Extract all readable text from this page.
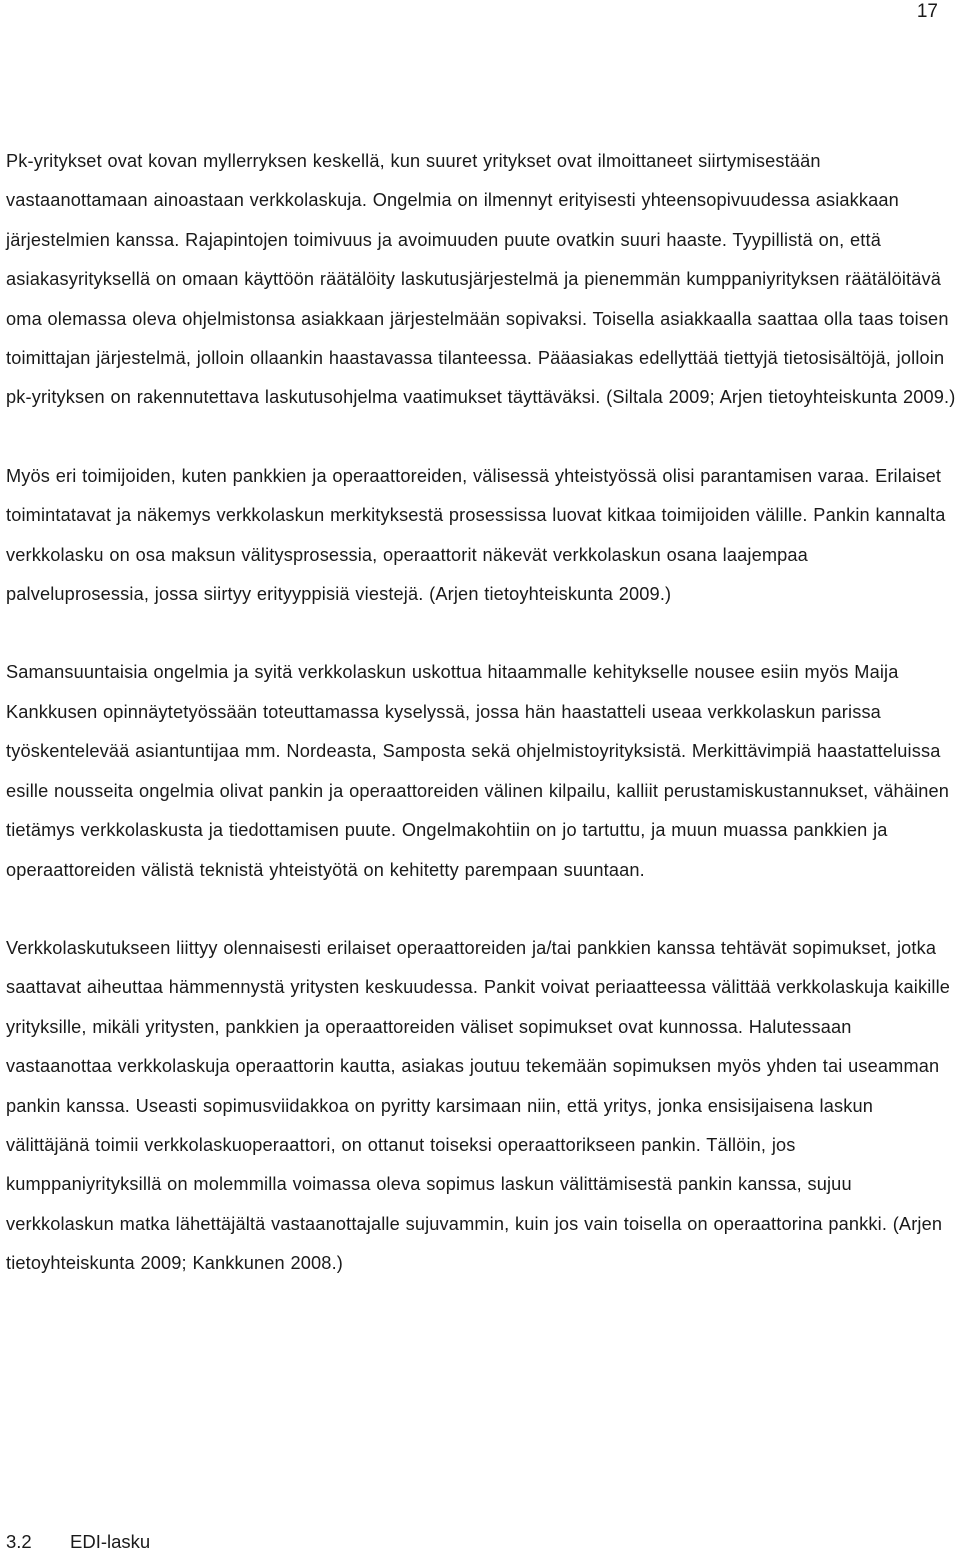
17

Pk-yritykset ovat kovan myllerryksen keskellä, kun suuret yritykset ovat ilmoittaneet siirtymisestään vastaanottamaan ainoastaan verkkolaskuja. Ongelmia on ilmennyt erityisesti yhteensopivuudessa asiakkaan järjestelmien kanssa. Rajapintojen toimivuus ja avoimuuden puute ovatkin suuri haaste. Tyypillistä on, että asiakasyrityksellä on omaan käyttöön räätälöity laskutusjärjestelmä ja pienemmän kumppaniyrityksen räätälöitävä oma olemassa oleva ohjelmistonsa asiakkaan järjestelmään sopivaksi. Toisella asiakkaalla saattaa olla taas toisen toimittajan järjestelmä, jolloin ollaankin haastavassa tilanteessa. Pääasiakas edellyttää tiettyjä tietosisältöjä, jolloin pk-yrityksen on rakennutettava laskutusohjelma vaatimukset täyttäväksi. (Siltala 2009; Arjen tietoyhteiskunta 2009.)

Myös eri toimijoiden, kuten pankkien ja operaattoreiden, välisessä yhteistyössä olisi parantamisen varaa. Erilaiset toimintatavat ja näkemys verkkolaskun merkityksestä prosessissa luovat kitkaa toimijoiden välille. Pankin kannalta verkkolasku on osa maksun välitysprosessia, operaattorit näkevät verkkolaskun osana laajempaa palveluprosessia, jossa siirtyy erityyppisiä viestejä. (Arjen tietoyhteiskunta 2009.)

Samansuuntaisia ongelmia ja syitä verkkolaskun uskottua hitaammalle kehitykselle nousee esiin myös Maija Kankkusen opinnäytetyössään toteuttamassa kyselyssä, jossa hän haastatteli useaa verkkolaskun parissa työskentelevää asiantuntijaa mm. Nordeasta, Samposta sekä ohjelmistoyrityksistä. Merkittävimpiä haastatteluissa esille nousseita ongelmia olivat pankin ja operaattoreiden välinen kilpailu, kalliit perustamiskustannukset, vähäinen tietämys verkkolaskusta ja tiedottamisen puute. Ongelmakohtiin on jo tartuttu, ja muun muassa pankkien ja operaattoreiden välistä teknistä yhteistyötä on kehitetty parempaan suuntaan.

Verkkolaskutukseen liittyy olennaisesti erilaiset operaattoreiden ja/tai pankkien kanssa tehtävät sopimukset, jotka saattavat aiheuttaa hämmennystä yritysten keskuudessa. Pankit voivat periaatteessa välittää verkkolaskuja kaikille yrityksille, mikäli yritysten, pankkien ja operaattoreiden väliset sopimukset ovat kunnossa. Halutessaan vastaanottaa verkkolaskuja operaattorin kautta, asiakas joutuu tekemään sopimuksen myös yhden tai useamman pankin kanssa. Useasti sopimusviidakkoa on pyritty karsimaan niin, että yritys, jonka ensisijaisena laskun välittäjänä toimii verkkolaskuoperaattori, on ottanut toiseksi operaattorikseen pankin. Tällöin, jos kumppaniyrityksillä on molemmilla voimassa oleva sopimus laskun välittämisestä pankin kanssa, sujuu verkkolaskun matka lähettäjältä vastaanottajalle sujuvammin, kuin jos vain toisella on operaattorina pankki. (Arjen tietoyhteiskunta 2009; Kankkunen 2008.)

3.2 EDI-lasku
